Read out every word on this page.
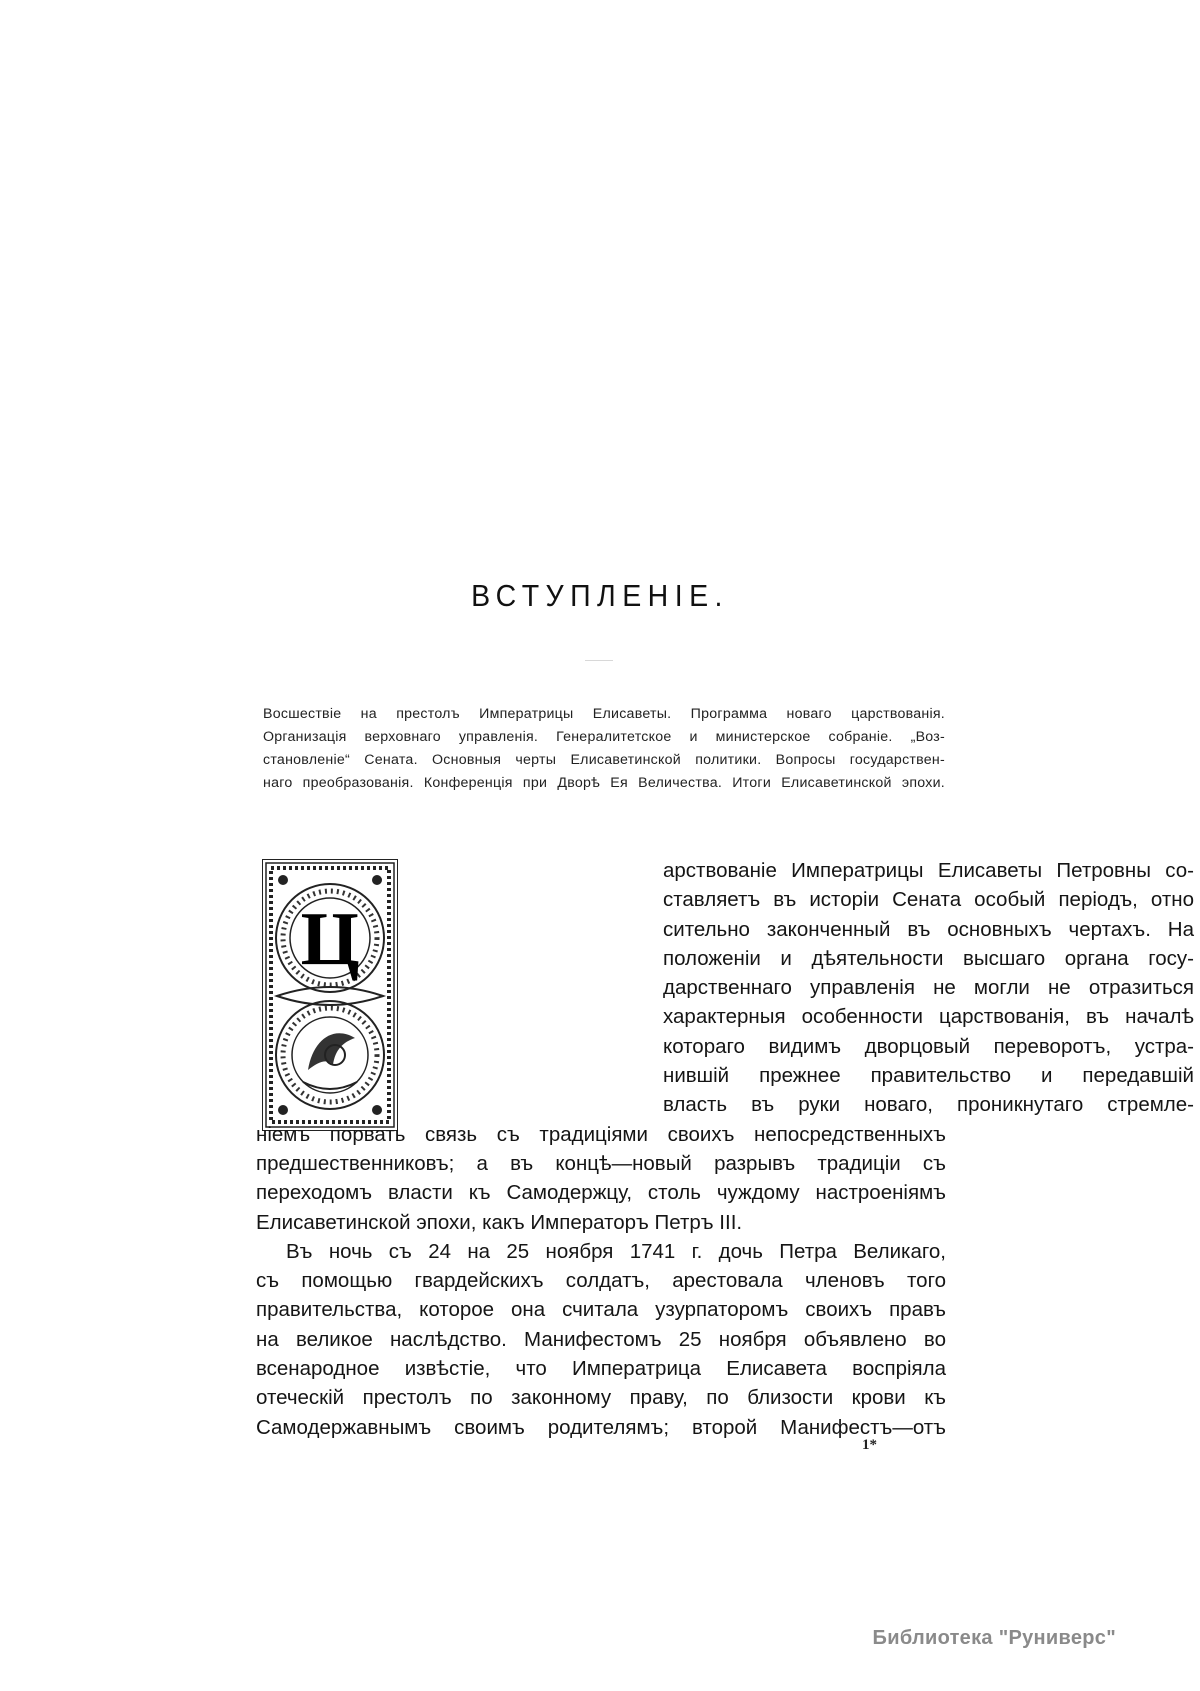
ВСТУПЛЕНІЕ.
Восшествіе на престолъ Императрицы Елисаветы. Программа новаго царствованія.
Организація верховнаго управленія. Генералитетское и министерское собраніе. „Воз-
становленіе“ Сената. Основныя черты Елисаветинской политики. Вопросы государствен-
наго преобразованія. Конференція при Дворѣ Ея Величества. Итоги Елисаветинской эпохи.
Ц
арствованіе Императрицы Елисаветы Петровны со-
ставляетъ въ исторіи Сената особый періодъ, отно
сительно законченный въ основныхъ чертахъ. На
положеніи и дѣятельности высшаго органа госу-
дарственнаго управленія не могли не отразиться
характерныя особенности царствованія, въ началѣ
котораго видимъ дворцовый переворотъ, устра-
нившій прежнее правительство и передавшій
власть въ руки новаго, проникнутаго стремле-
ніемъ порвать связь съ традиціями своихъ непосредственныхъ
предшественниковъ; а въ концѣ—новый разрывъ традиціи съ
переходомъ власти къ Самодержцу, столь чуждому настроеніямъ
Елисаветинской эпохи, какъ Императоръ Петръ III.
Въ ночь съ 24 на 25 ноября 1741 г. дочь Петра Великаго,
съ помощью гвардейскихъ солдатъ, арестовала членовъ того
правительства, которое она считала узурпаторомъ своихъ правъ
на великое наслѣдство. Манифестомъ 25 ноября объявлено во
всенародное извѣстіе, что Императрица Елисавета воспріяла
отеческій престолъ по законному праву, по близости крови къ
Самодержавнымъ своимъ родителямъ; второй Манифестъ—отъ
1*
Библиотека "Руниверс"
